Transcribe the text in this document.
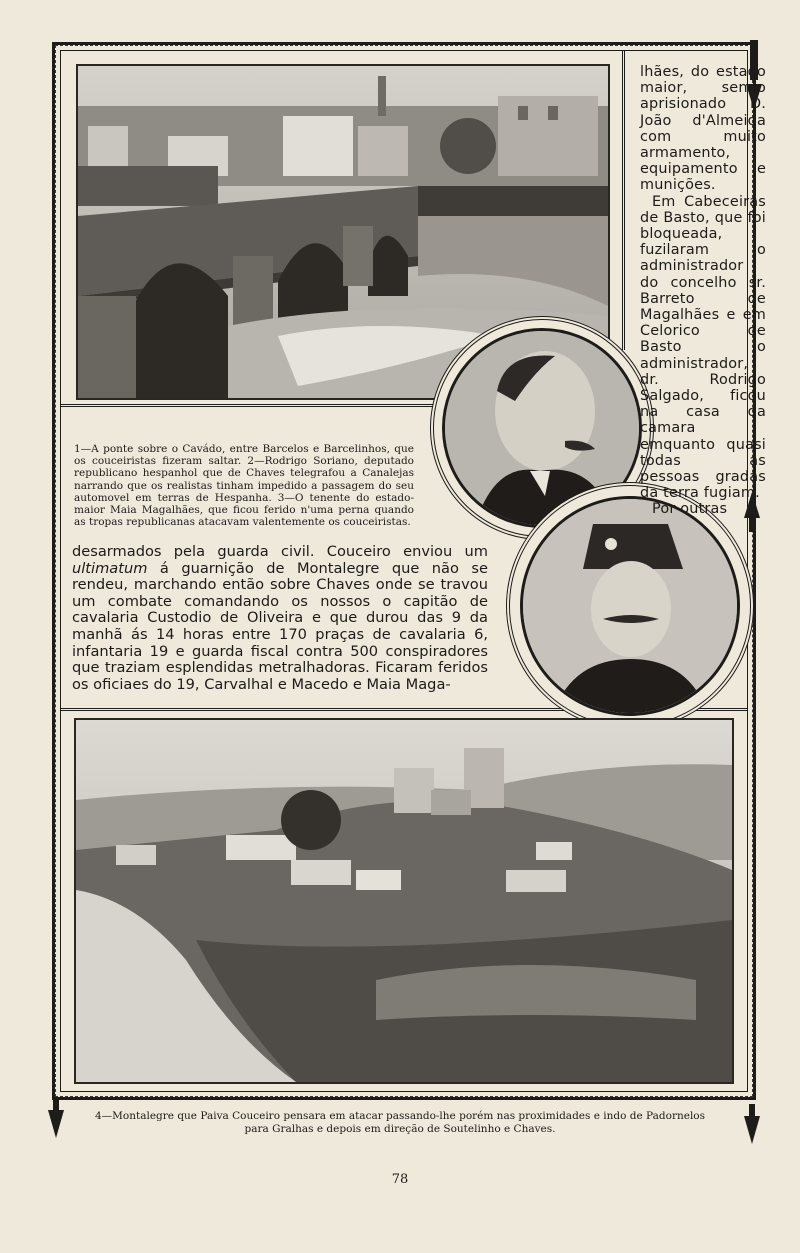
1—A ponte sobre o Cavádo, entre Barcelos e Barcelinhos, que os couceiristas fizeram saltar. 2—Rodrigo Soriano, deputado republicano hespanhol que de Chaves telegrafou a Canalejas narrando que os realistas tinham impedido a passagem do seu automovel em terras de Hespanha. 3—O tenente do estado-maior Maia Magalhães, que ficou ferido n'uma perna quando as tropas republicanas atacavam valentemente os couceiristas.

lhães, do estado maior, sendo aprisionado D. João d'Almeida com muito armamento, equipamento e munições.

Em Cabeceiras de Basto, que foi bloqueada, fuzilaram o administrador do concelho sr. Barreto de Magalhães e em Celorico de Basto o administrador, dr. Rodrigo Salgado, ficou na casa da camara emquanto quasi todas as pessoas gradas da terra fugiam.

Por outras

desarmados pela guarda civil. Couceiro enviou um ultimatum á guarnição de Montalegre que não se rendeu, marchando então sobre Chaves onde se travou um combate comandando os nossos o capitão de cavalaria Custodio de Oliveira e que durou das 9 da manhã ás 14 horas entre 170 praças de cavalaria 6, infantaria 19 e guarda fiscal contra 500 conspiradores que traziam esplendidas metralhadoras. Ficaram feridos os oficiaes do 19, Carvalhal e Macedo e Maia Maga-
4—Montalegre que Paiva Couceiro pensara em atacar passando-lhe porém nas proximidades e indo de Padornelos para Gralhas e depois em direção de Soutelinho e Chaves.
78
